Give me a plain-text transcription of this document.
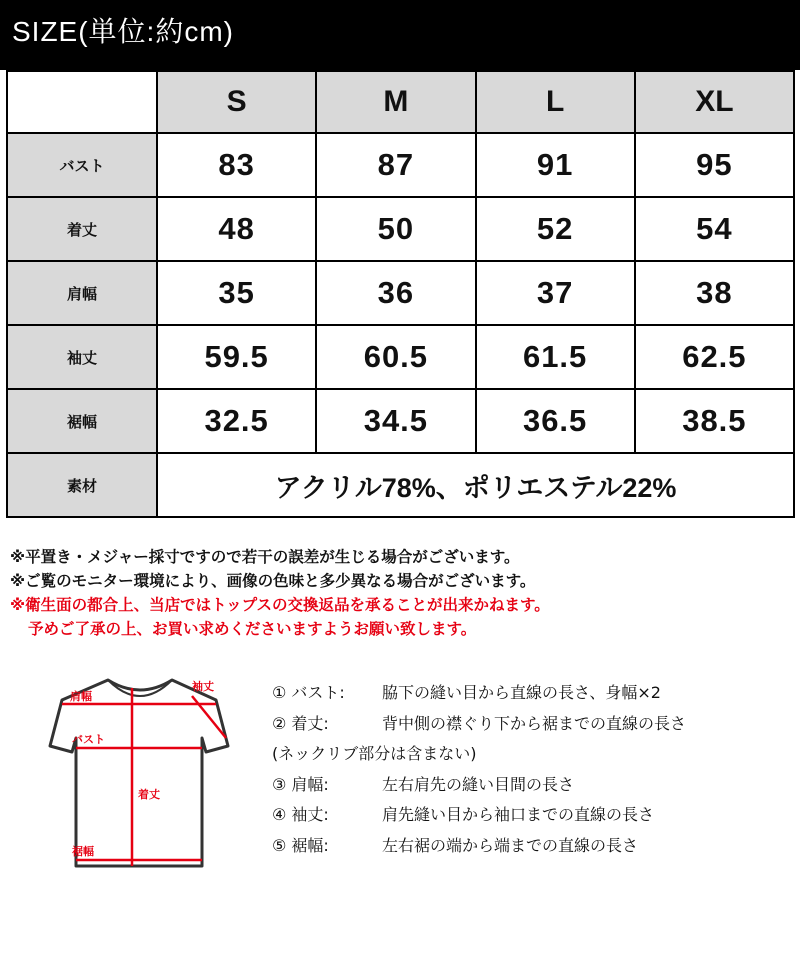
SIZE(単位:約cm)
	S	M	L	XL
バスト	83	87	91	95
着丈	48	50	52	54
肩幅	35	36	37	38
袖丈	59.5	60.5	61.5	62.5
裾幅	32.5	34.5	36.5	38.5
素材	アクリル78%、ポリエステル22%			
※平置き・メジャー採寸ですので若干の誤差が生じる場合がございます。
※ご覧のモニター環境により、画像の色味と多少異なる場合がございます。
※衛生面の都合上、当店ではトップスの交換返品を承ることが出来かねます。
予めご了承の上、お買い求めくださいますようお願い致します。
肩幅
袖丈
バスト
着丈
裾幅
① バスト: 脇下の縫い目から直線の長さ、身幅×2
② 着丈:	背中側の襟ぐり下から裾までの直線の長さ
(ネックリブ部分は含まない)
③ 肩幅:	左右肩先の縫い目間の長さ
④ 袖丈:	肩先縫い目から袖口までの直線の長さ
⑤ 裾幅:	左右裾の端から端までの直線の長さ
